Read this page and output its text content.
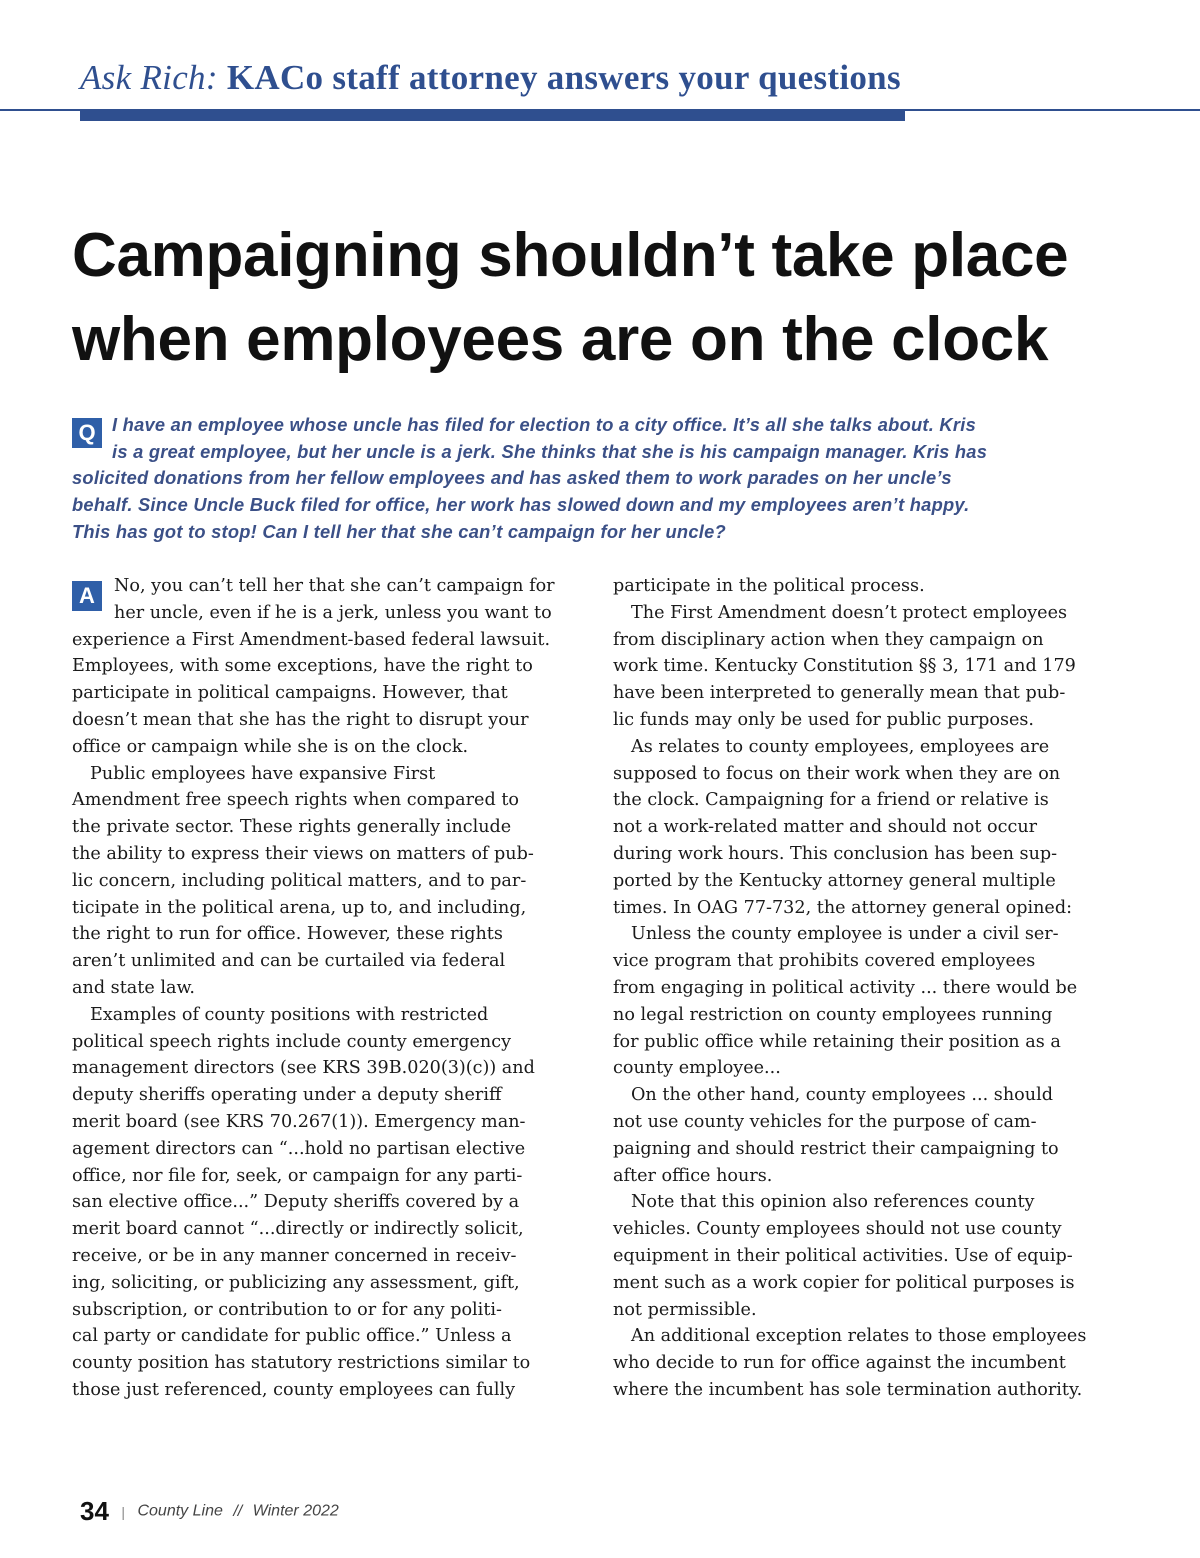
Ask Rich: KACo staff attorney answers your questions
Campaigning shouldn’t take place
when employees are on the clock
Q I have an employee whose uncle has filed for election to a city office. It’s all she talks about. Kris
is a great employee, but her uncle is a jerk. She thinks that she is his campaign manager. Kris has
solicited donations from her fellow employees and has asked them to work parades on her uncle’s
behalf. Since Uncle Buck filed for office, her work has slowed down and my employees aren’t happy.
This has got to stop! Can I tell her that she can’t campaign for her uncle?
A	No, you can’t tell her that she can’t campaign for
her uncle, even if he is a jerk, unless you want to
experience a First Amendment-based federal lawsuit.
Employees, with some exceptions, have the right to
participate in political campaigns. However, that
doesn’t mean that she has the right to disrupt your
office or campaign while she is on the clock.
Public employees have expansive First
Amendment free speech rights when compared to
the private sector. These rights generally include
the ability to express their views on matters of pub-
lic concern, including political matters, and to par-
ticipate in the political arena, up to, and including,
the right to run for office. However, these rights
aren’t unlimited and can be curtailed via federal
and state law.
Examples of county positions with restricted
political speech rights include county emergency
management directors (see KRS 39B.020(3)(c)) and
deputy sheriffs operating under a deputy sheriff
merit board (see KRS 70.267(1)). Emergency man-
agement directors can “...hold no partisan elective
office, nor file for, seek, or campaign for any parti-
san elective office...” Deputy sheriffs covered by a
merit board cannot “...directly or indirectly solicit,
receive, or be in any manner concerned in receiv-
ing, soliciting, or publicizing any assessment, gift,
subscription, or contribution to or for any politi-
cal party or candidate for public office.” Unless a
county position has statutory restrictions similar to
those just referenced, county employees can fully
participate in the political process.
The First Amendment doesn’t protect employees
from disciplinary action when they campaign on
work time. Kentucky Constitution §§ 3, 171 and 179
have been interpreted to generally mean that pub-
lic funds may only be used for public purposes.
As relates to county employees, employees are
supposed to focus on their work when they are on
the clock. Campaigning for a friend or relative is
not a work-related matter and should not occur
during work hours. This conclusion has been sup-
ported by the Kentucky attorney general multiple
times. In OAG 77-732, the attorney general opined:
Unless the county employee is under a civil ser-
vice program that prohibits covered employees
from engaging in political activity ... there would be
no legal restriction on county employees running
for public office while retaining their position as a
county employee...
On the other hand, county employees ... should
not use county vehicles for the purpose of cam-
paigning and should restrict their campaigning to
after office hours.
Note that this opinion also references county
vehicles. County employees should not use county
equipment in their political activities. Use of equip-
ment such as a work copier for political purposes is
not permissible.
An additional exception relates to those employees
who decide to run for office against the incumbent
where the incumbent has sole termination authority.
34 | County Line // Winter 2022
